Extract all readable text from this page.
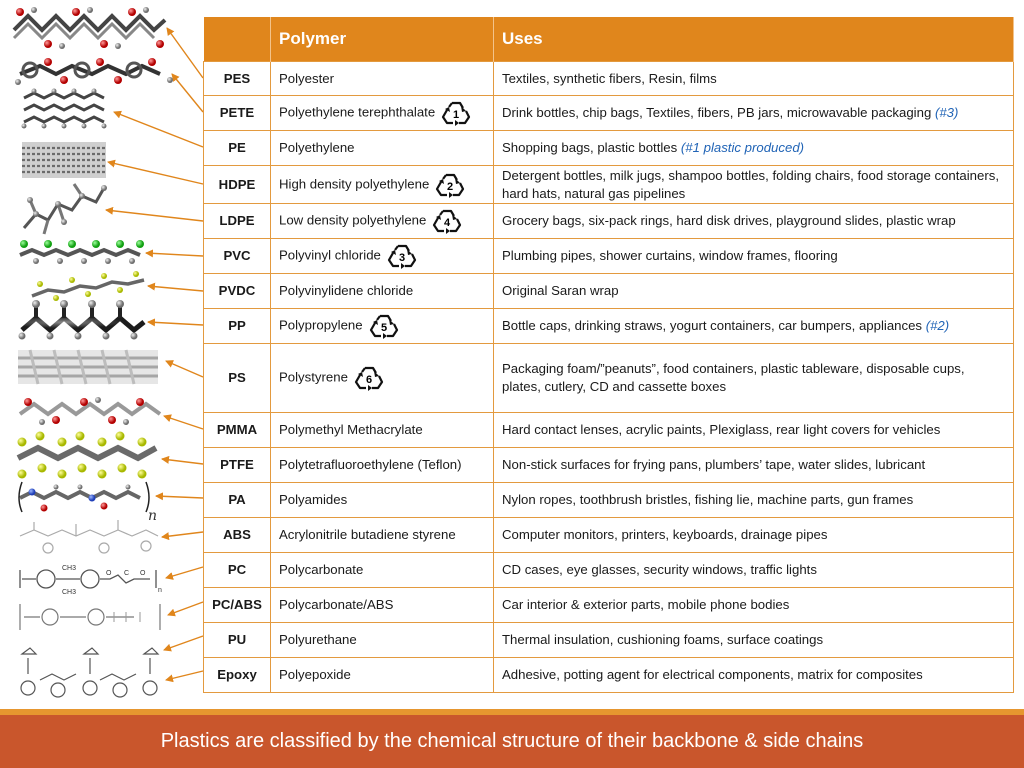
n
CH3
CH3
O C O
n
	Polymer	Uses
PES	Polyester	Textiles, synthetic fibers, Resin, films
PETE	Polyethylene terephthalate 1	Drink bottles, chip bags, Textiles, fibers, PB jars, microwavable packaging (#3)
PE	Polyethylene	Shopping bags, plastic bottles (#1 plastic produced)
HDPE	High density polyethylene 2	Detergent bottles, milk jugs, shampoo bottles, folding chairs, food storage containers, hard hats, natural gas pipelines
LDPE	Low density polyethylene 4	Grocery bags, six-pack rings, hard disk drives, playground slides, plastic wrap
PVC	Polyvinyl chloride 3	Plumbing pipes, shower curtains, window frames, flooring
PVDC	Polyvinylidene chloride	Original Saran wrap
PP	Polypropylene 5	Bottle caps, drinking straws, yogurt containers, car bumpers, appliances (#2)
PS	Polystyrene 6	Packaging foam/”peanuts”, food containers, plastic tableware, disposable cups, plates, cutlery, CD and cassette boxes
PMMA	Polymethyl Methacrylate	Hard contact lenses, acrylic paints, Plexiglass, rear light covers for vehicles
PTFE	Polytetrafluoroethylene (Teflon)	Non-stick surfaces for frying pans, plumbers’ tape, water slides, lubricant
PA	Polyamides	Nylon ropes, toothbrush bristles, fishing lie, machine parts, gun frames
ABS	Acrylonitrile butadiene styrene	Computer monitors, printers, keyboards, drainage pipes
PC	Polycarbonate	CD cases, eye glasses, security windows, traffic lights
PC/ABS	Polycarbonate/ABS	Car interior & exterior parts, mobile phone bodies
PU	Polyurethane	Thermal insulation, cushioning foams, surface coatings
Epoxy	Polyepoxide	Adhesive, potting agent for electrical components, matrix for composites
Plastics are classified by the chemical structure of their backbone & side chains
